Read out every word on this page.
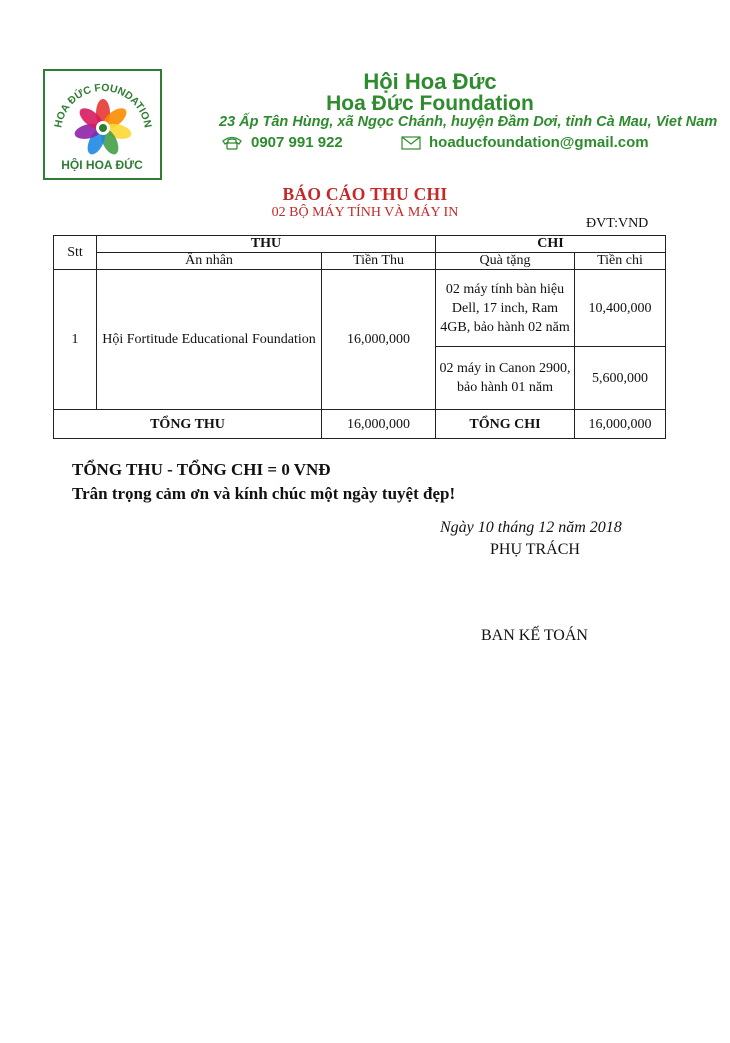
HOA ĐỨC FOUNDATION
HỘI HOA ĐỨC
Hội Hoa Đức
Hoa Đức Foundation
23 Ấp Tân Hùng, xã Ngọc Chánh, huyện Đầm Dơi, tỉnh Cà Mau, Viet Nam
0907 991 922	hoaducfoundation@gmail.com
BÁO CÁO THU CHI
02 BỘ MÁY TÍNH VÀ MÁY IN
ĐVT:VND
Stt	THU		CHI	
	Ân nhân	Tiền Thu	Quà tặng	Tiền chi
1	Hội Fortitude Educational Foundation	16,000,000	02 máy tính bàn hiệu Dell, 17 inch, Ram 4GB, bảo hành 02 năm	10,400,000
			02 máy in Canon 2900, bảo hành 01 năm	5,600,000
TỔNG THU		16,000,000	TỔNG CHI	16,000,000
TỔNG THU - TỔNG CHI = 0 VNĐ
Trân trọng cảm ơn và kính chúc một ngày tuyệt đẹp!
Ngày 10 tháng 12 năm 2018
PHỤ TRÁCH
BAN KẾ TOÁN
